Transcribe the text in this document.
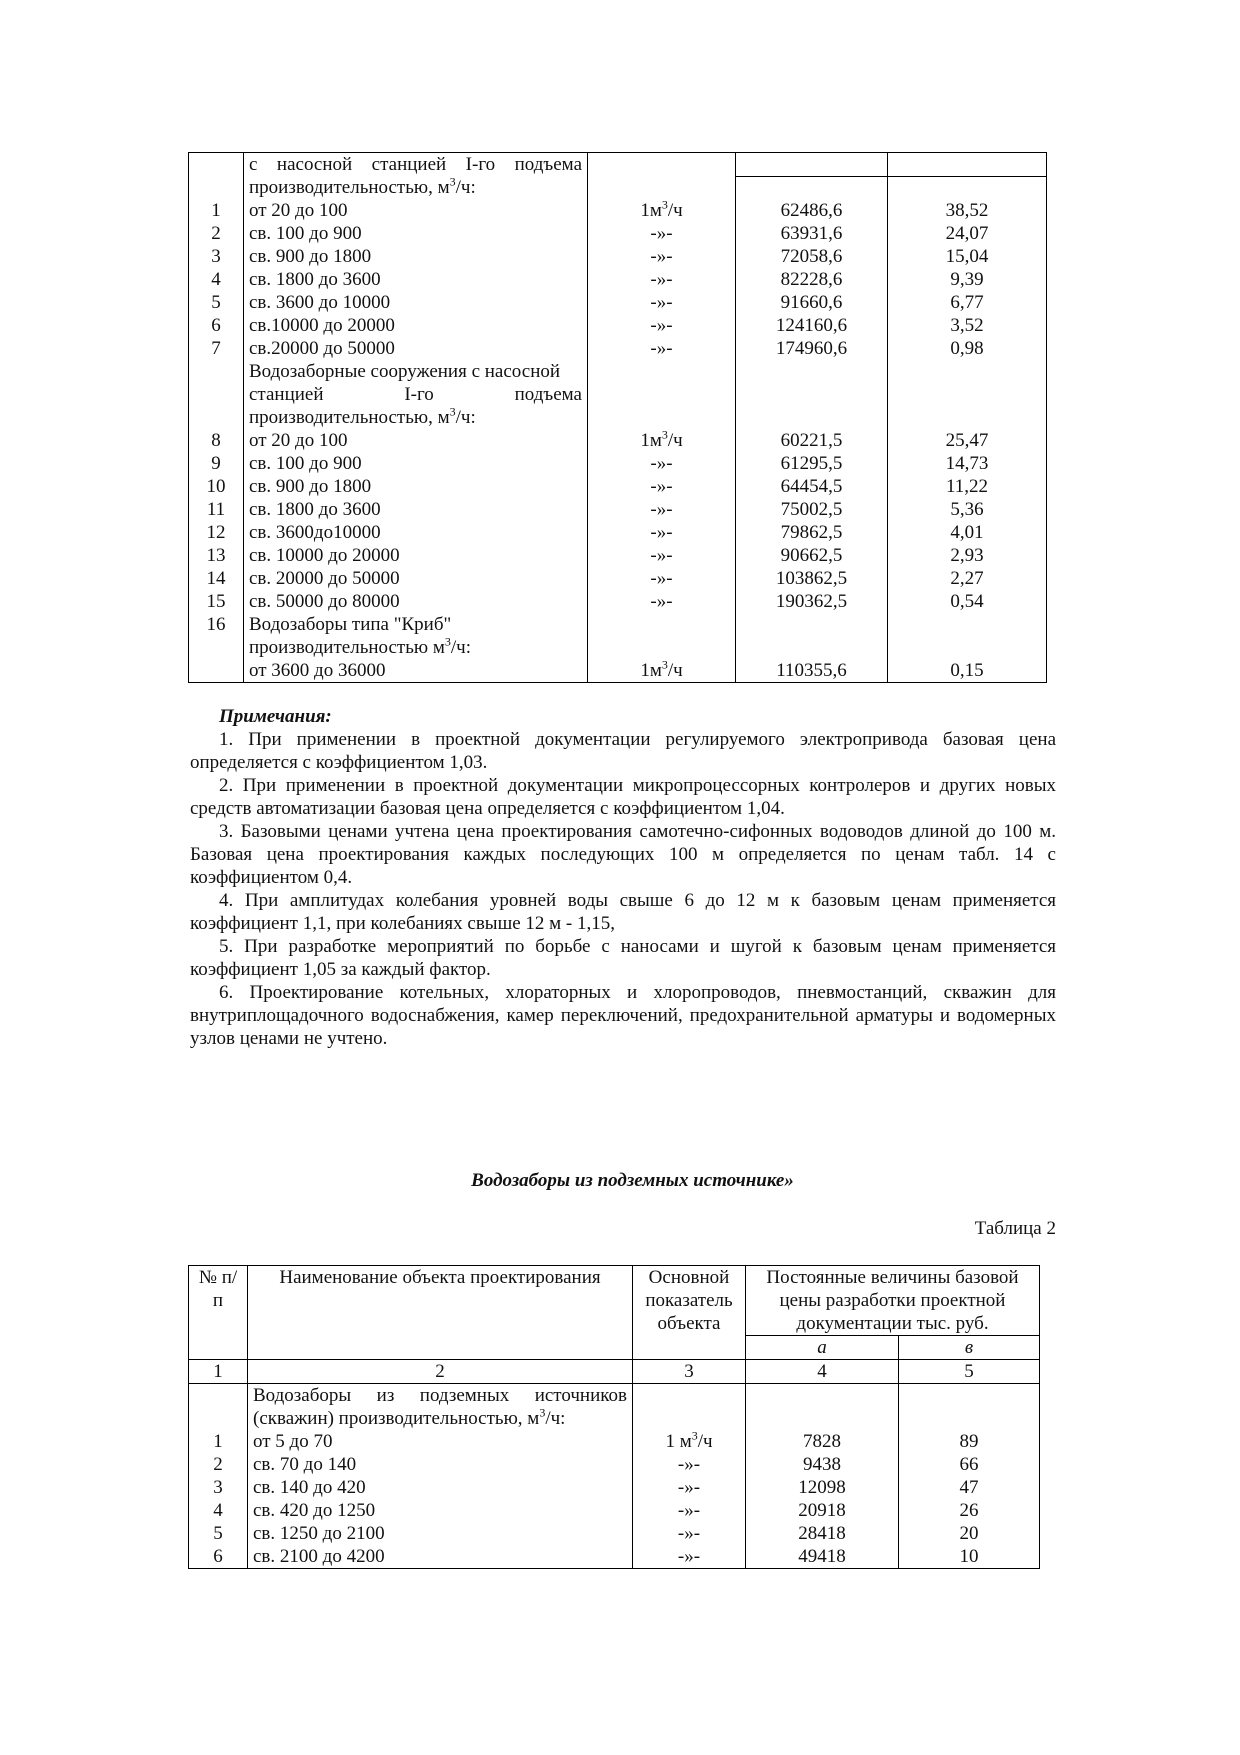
	с насосной станцией I-го подъема			
	производительностью, $м^3/ч$:			
1	от 20 до 100	$1м^3/ч$	62486,6	38,52
2	св. 100 до 900	-»-	63931,6	24,07
3	св. 900 до 1800	-»-	72058,6	15,04
4	св. 1800 до 3600	-»-	82228,6	9,39
5	св. 3600 до 10000	-»-	91660,6	6,77
6	св.10000 до 20000	-»-	124160,6	3,52
7	св.20000 до 50000	-»-	174960,6	0,98
	Водозаборные сооружения с насосной			
	станцией I-го подъема			
	производительностью, $м^3/ч$:			
8	от 20 до 100	$1м^3/ч$	60221,5	25,47
9	св. 100 до 900	-»-	61295,5	14,73
10	св. 900 до 1800	-»-	64454,5	11,22
11	св. 1800 до 3600	-»-	75002,5	5,36
12	св. 3600до10000	-»-	79862,5	4,01
13	св. 10000 до 20000	-»-	90662,5	2,93
14	св. 20000 до 50000	-»-	103862,5	2,27
15	св. 50000 до 80000	-»-	190362,5	0,54
16	Водозаборы типа "Криб"			
	производительностью $м^3/ч$:			
	от 3600 до 36000	$1м^3/ч$	110355,6	0,15

Примечания:

1. При применении в проектной документации регулируемого электропривода базовая цена определяется с коэффициентом 1,03.

2. При применении в проектной документации микропроцессорных контролеров и других новых средств автоматизации базовая цена определяется с коэффициентом 1,04.

3. Базовыми ценами учтена цена проектирования самотечно-сифонных водоводов длиной до 100 м. Базовая цена проектирования каждых последующих 100 м определяется по ценам табл. 14 с коэффициентом 0,4.

4. При амплитудах колебания уровней воды свыше 6 до 12 м к базовым ценам применяется коэффициент 1,1, при колебаниях свыше 12 м - 1,15,

5. При разработке мероприятий по борьбе с наносами и шугой к базовым ценам применяется коэффициент 1,05 за каждый фактор.

6. Проектирование котельных, хлораторных и хлоропроводов, пневмостанций, скважин для внутриплощадочного водоснабжения, камер переключений, предохранительной арматуры и водомерных узлов ценами не учтено.

Водозаборы из подземных источнике»
Таблица 2
№ п/п	Наименование объекта проектирования	Основной показатель объекта	Постоянные величины базовой цены разработки проектной документации тыс. руб.	
			а	в
1	2	3	4	5
	Водозаборы из подземных источников			
	(скважин) производительностью, $м^3/ч$:			
1	от 5 до 70	1 $м^3/ч$	7828	89
2	св. 70 до 140	-»-	9438	66
3	св. 140 до 420	-»-	12098	47
4	св. 420 до 1250	-»-	20918	26
5	св. 1250 до 2100	-»-	28418	20
6	св. 2100 до 4200	-»-	49418	10
